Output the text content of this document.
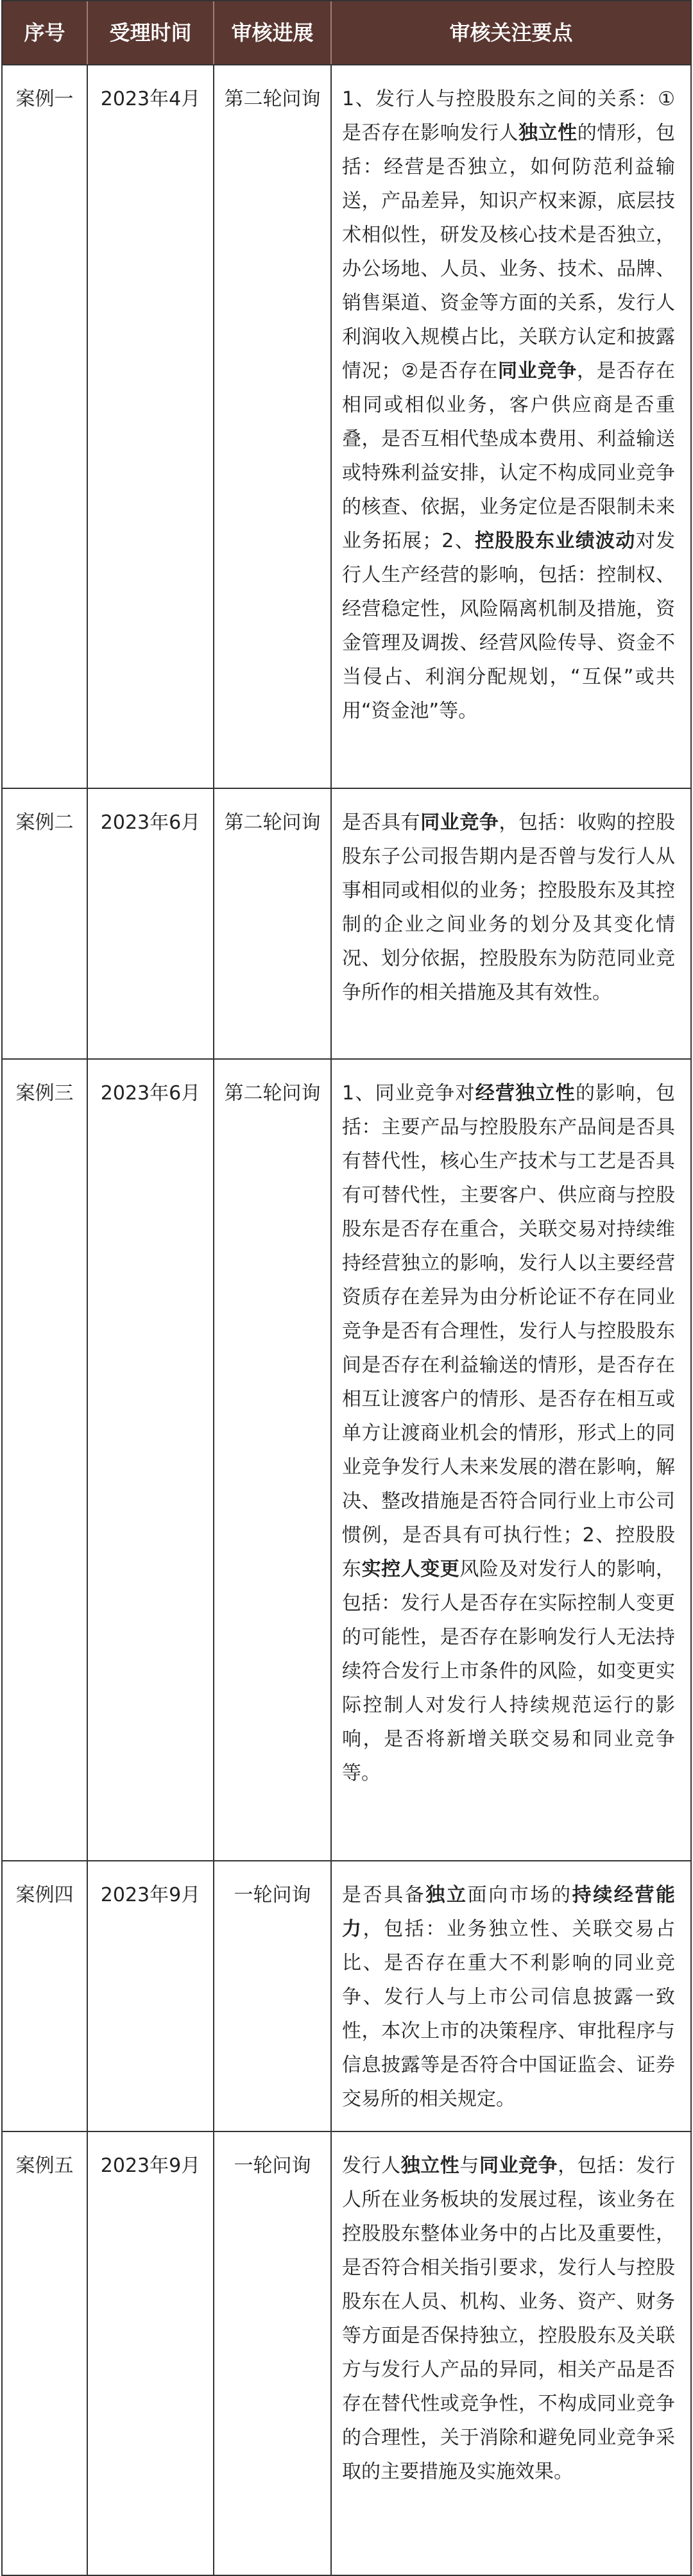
序号	受理时间	审核进展	审核关注要点
案例一	2023年4月	第二轮问询	1、发行人与控股股东之间的关系：①是否存在影响发行人独立性的情形，包括：经营是否独立，如何防范利益输送，产品差异，知识产权来源，底层技术相似性，研发及核心技术是否独立，办公场地、人员、业务、技术、品牌、销售渠道、资金等方面的关系，发行人利润收入规模占比，关联方认定和披露情况；②是否存在同业竞争，是否存在相同或相似业务，客户供应商是否重叠，是否互相代垫成本费用、利益输送或特殊利益安排，认定不构成同业竞争的核查、依据，业务定位是否限制未来业务拓展；2、控股股东业绩波动对发行人生产经营的影响，包括：控制权、经营稳定性，风险隔离机制及措施，资金管理及调拨、经营风险传导、资金不当侵占、利润分配规划，“互保”或共用“资金池”等。
案例二	2023年6月	第二轮问询	是否具有同业竞争，包括：收购的控股股东子公司报告期内是否曾与发行人从事相同或相似的业务；控股股东及其控制的企业之间业务的划分及其变化情况、划分依据，控股股东为防范同业竞争所作的相关措施及其有效性。
案例三	2023年6月	第二轮问询	1、同业竞争对经营独立性的影响，包括：主要产品与控股股东产品间是否具有替代性，核心生产技术与工艺是否具有可替代性，主要客户、供应商与控股股东是否存在重合，关联交易对持续维持经营独立的影响，发行人以主要经营资质存在差异为由分析论证不存在同业竞争是否有合理性，发行人与控股股东间是否存在利益输送的情形，是否存在相互让渡客户的情形、是否存在相互或单方让渡商业机会的情形，形式上的同业竞争发行人未来发展的潜在影响，解决、整改措施是否符合同行业上市公司惯例，是否具有可执行性；2、控股股东实控人变更风险及对发行人的影响，包括：发行人是否存在实际控制人变更的可能性，是否存在影响发行人无法持续符合发行上市条件的风险，如变更实际控制人对发行人持续规范运行的影响，是否将新增关联交易和同业竞争等。
案例四	2023年9月	一轮问询	是否具备独立面向市场的持续经营能力，包括：业务独立性、关联交易占比、是否存在重大不利影响的同业竞争、发行人与上市公司信息披露一致性，本次上市的决策程序、审批程序与信息披露等是否符合中国证监会、证券交易所的相关规定。
案例五	2023年9月	一轮问询	发行人独立性与同业竞争，包括：发行人所在业务板块的发展过程，该业务在控股股东整体业务中的占比及重要性，是否符合相关指引要求，发行人与控股股东在人员、机构、业务、资产、财务等方面是否保持独立，控股股东及关联方与发行人产品的异同，相关产品是否存在替代性或竞争性，不构成同业竞争的合理性，关于消除和避免同业竞争采取的主要措施及实施效果。
